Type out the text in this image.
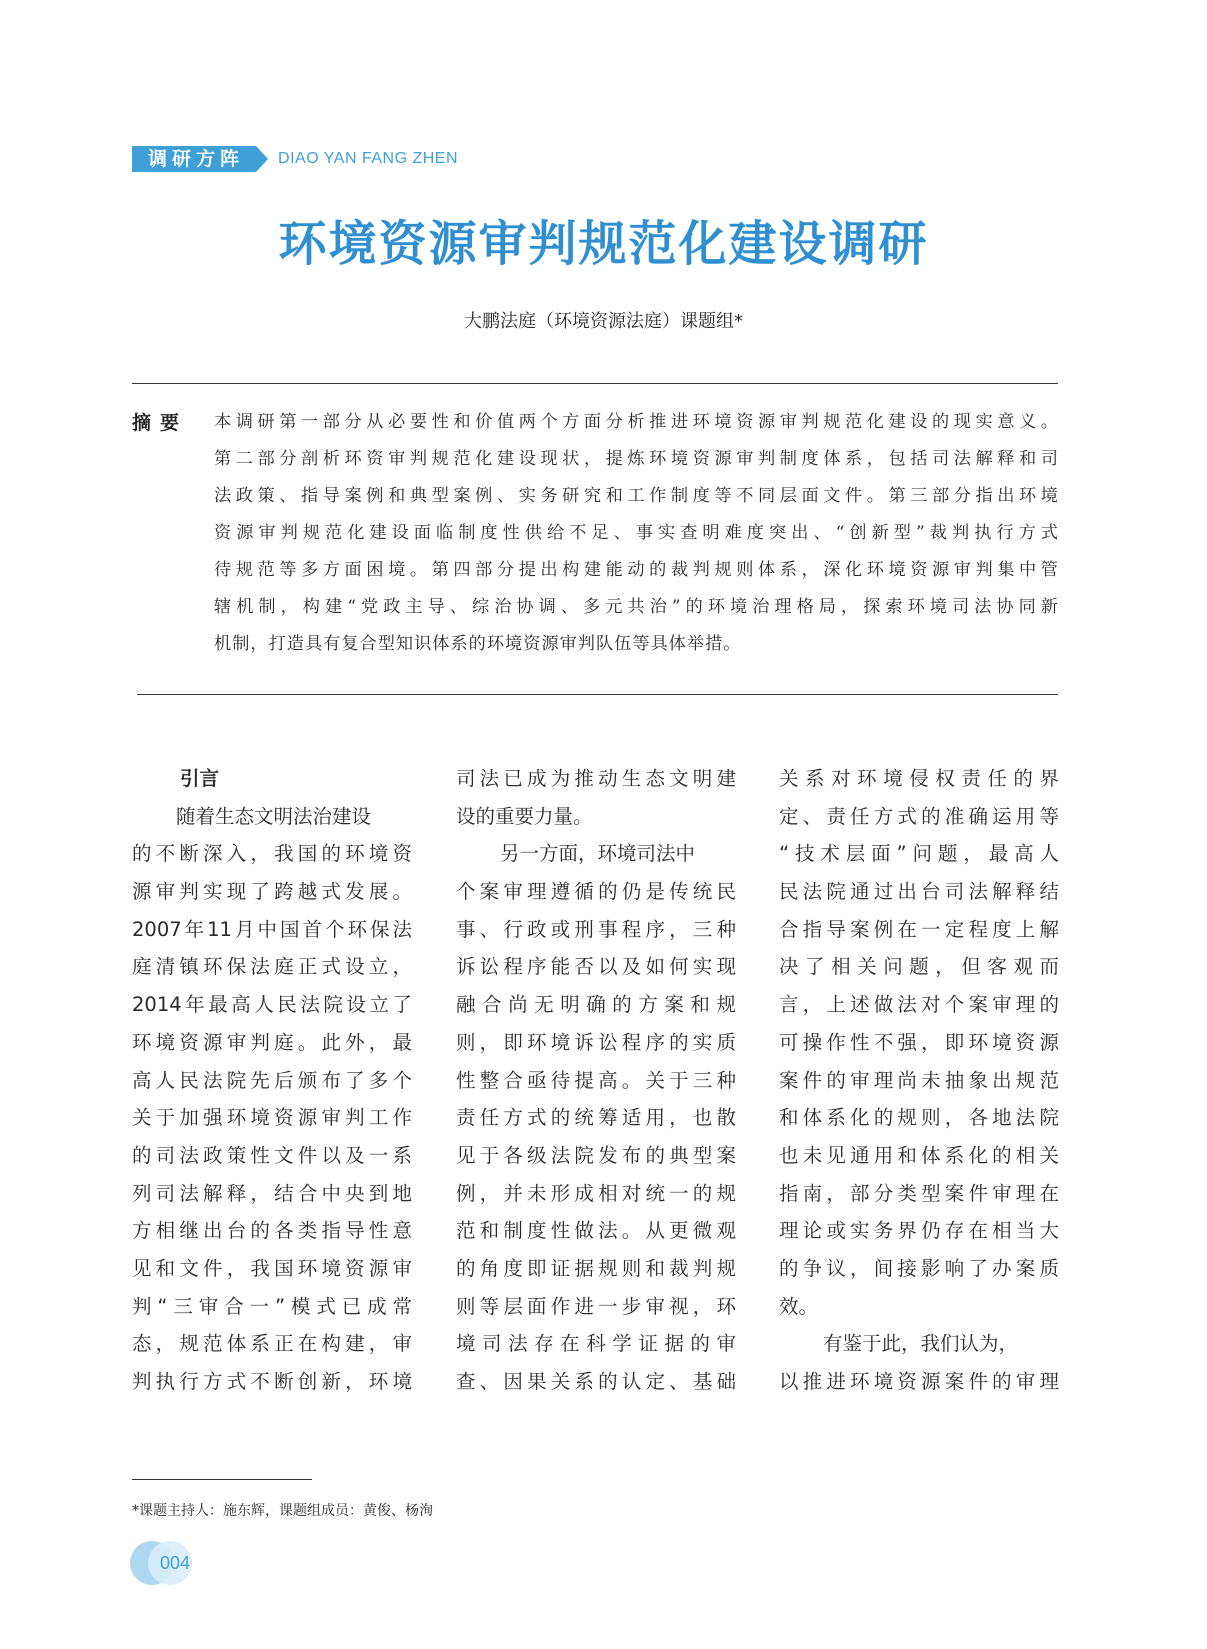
调研方阵	DIAO YAN FANG ZHEN
环境资源审判规范化建设调研
大鹏法庭（环境资源法庭）课题组*
摘要 本调研第一部分从必要性和价值两个方面分析推进环境资源审判规范化建设的现实意义。
第二部分剖析环资审判规范化建设现状，提炼环境资源审判制度体系，包括司法解释和司
法政策、指导案例和典型案例、实务研究和工作制度等不同层面文件。第三部分指出环境
资源审判规范化建设面临制度性供给不足、事实查明难度突出、“创新型”裁判执行方式
待规范等多方面困境。第四部分提出构建能动的裁判规则体系，深化环境资源审判集中管
辖机制，构建“党政主导、综治协调、多元共治”的环境治理格局，探索环境司法协同新
机制，打造具有复合型知识体系的环境资源审判队伍等具体举措。
引言
随着生态文明法治建设
的不断深入，我国的环境资
源审判实现了跨越式发展。
2007年11月中国首个环保法
庭清镇环保法庭正式设立，
2014年最高人民法院设立了
环境资源审判庭。此外，最
高人民法院先后颁布了多个
关于加强环境资源审判工作
的司法政策性文件以及一系
列司法解释，结合中央到地
方相继出台的各类指导性意
见和文件，我国环境资源审
判“三审合一”模式已成常
态，规范体系正在构建，审
判执行方式不断创新，环境
司法已成为推动生态文明建
设的重要力量。
另一方面，环境司法中
个案审理遵循的仍是传统民
事、行政或刑事程序，三种
诉讼程序能否以及如何实现
融合尚无明确的方案和规
则，即环境诉讼程序的实质
性整合亟待提高。关于三种
责任方式的统筹适用，也散
见于各级法院发布的典型案
例，并未形成相对统一的规
范和制度性做法。从更微观
的角度即证据规则和裁判规
则等层面作进一步审视，环
境司法存在科学证据的审
查、因果关系的认定、基础
关系对环境侵权责任的界
定、责任方式的准确运用等
“技术层面”问题，最高人
民法院通过出台司法解释结
合指导案例在一定程度上解
决了相关问题，但客观而
言，上述做法对个案审理的
可操作性不强，即环境资源
案件的审理尚未抽象出规范
和体系化的规则，各地法院
也未见通用和体系化的相关
指南，部分类型案件审理在
理论或实务界仍存在相当大
的争议，间接影响了办案质
效。
有鉴于此，我们认为，
以推进环境资源案件的审理
*课题主持人：施东辉，课题组成员：黄俊、杨洵
004
